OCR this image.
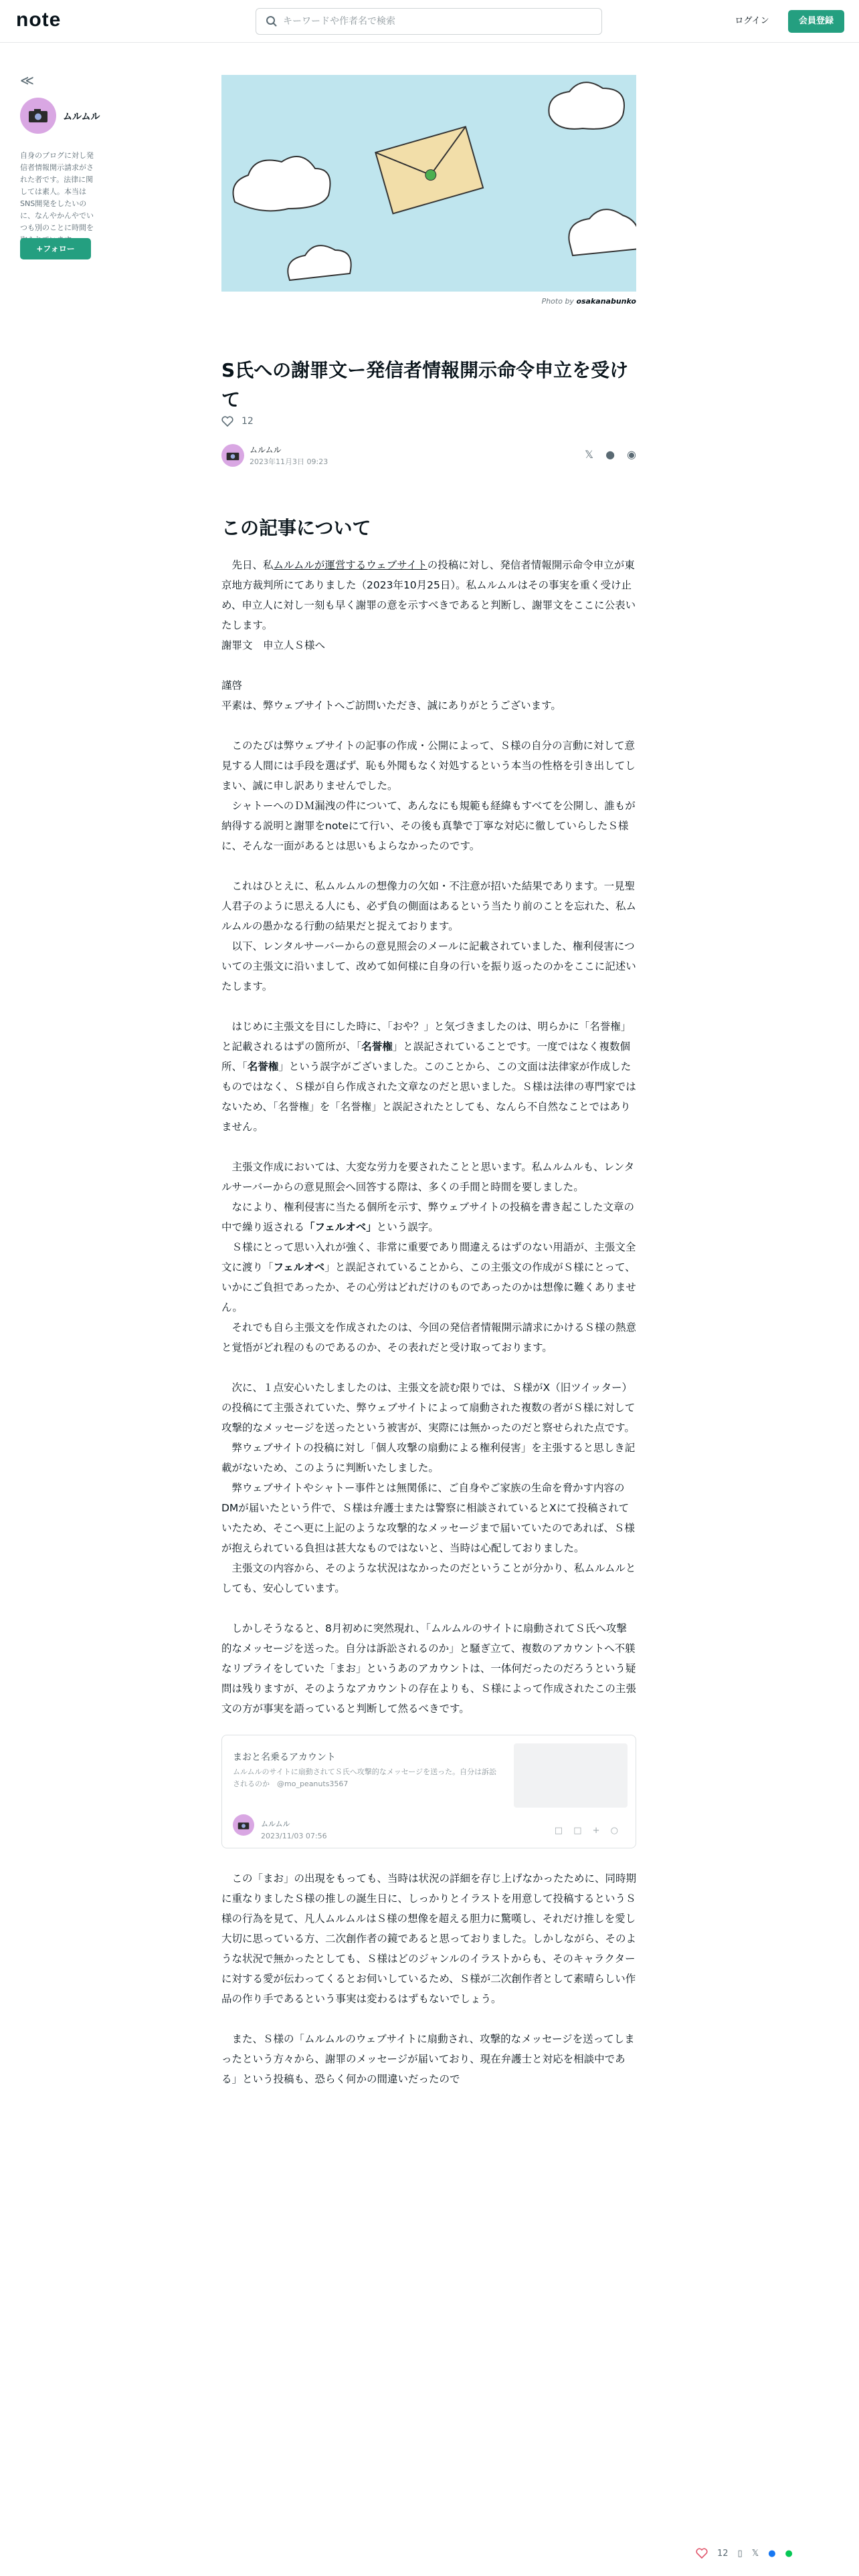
note
キーワードや作者名で検索	ログイン	会員登録
≪
ムルムル
自身のブログに対し発信者情報開示請求がされた者です。法律に関しては素人。本当はSNS開発をしたいのに、なんやかんやでいつも別のことに時間を
+フォロー
Photo by osakanabunko
S氏への謝罪文ー発信者情報開示命令申立を受けて
12
ムルムル
2023年11月3日 09:23
𝕏 ● ◉
この記事について

　先日、私ムルムルが運営するウェブサイトの投稿に対し、発信者情報開示命令申立が東京地方裁判所にてありました（2023年10月25日）。私ムルムルはその事実を重く受け止め、申立人に対し一刻も早く謝罪の意を示すべきであると判断し、謝罪文をここに公表いたします。

謝罪文　申立人Ｓ様へ

謹啓

平素は、弊ウェブサイトへご訪問いただき、誠にありがとうございます。

　このたびは弊ウェブサイトの記事の作成・公開によって、Ｓ様の自分の言動に対して意見する人間には手段を選ばず、恥も外聞もなく対処するという本当の性格を引き出してしまい、誠に申し訳ありませんでした。

　シャトーへのＤＭ漏洩の件について、あんなにも規範も経緯もすべてを公開し、誰もが納得する説明と謝罪をnoteにて行い、その後も真摯で丁寧な対応に徹していらしたＳ様に、そんな一面があるとは思いもよらなかったのです。

　これはひとえに、私ムルムルの想像力の欠如・不注意が招いた結果であります。一見聖人君子のように思える人にも、必ず負の側面はあるという当たり前のことを忘れた、私ムルムルの愚かなる行動の結果だと捉えております。

　以下、レンタルサーバーからの意見照会のメールに記載されていました、権利侵害についての主張文に沿いまして、改めて如何様に自身の行いを振り返ったのかをここに記述いたします。

　はじめに主張文を目にした時に、「おや？」と気づきましたのは、明らかに「名誉権」と記載されるはずの箇所が、「名誉権」と誤記されていることです。一度ではなく複数個所、「名誉権」という誤字がございました。このことから、この文面は法律家が作成したものではなく、Ｓ様が自ら作成された文章なのだと思いました。Ｓ様は法律の専門家ではないため、「名誉権」を「名誉権」と誤記されたとしても、なんら不自然なことではありません。

　主張文作成においては、大変な労力を要されたことと思います。私ムルムルも、レンタルサーバーからの意見照会へ回答する際は、多くの手間と時間を要しました。

　なにより、権利侵害に当たる個所を示す、弊ウェブサイトの投稿を書き起こした文章の中で繰り返される「フェルオベ」という誤字。

　Ｓ様にとって思い入れが強く、非常に重要であり間違えるはずのない用語が、主張文全文に渡り「フェルオベ」と誤記されていることから、この主張文の作成がＳ様にとって、いかにご負担であったか、その心労はどれだけのものであったのかは想像に難くありません。

　それでも自ら主張文を作成されたのは、今回の発信者情報開示請求にかけるＳ様の熱意と覚悟がどれ程のものであるのか、その表れだと受け取っております。

　次に、１点安心いたしましたのは、主張文を読む限りでは、Ｓ様がX（旧ツイッター）の投稿にて主張されていた、弊ウェブサイトによって扇動された複数の者がＳ様に対して攻撃的なメッセージを送ったという被害が、実際には無かったのだと察せられた点です。

　弊ウェブサイトの投稿に対し「個人攻撃の扇動による権利侵害」を主張すると思しき記載がないため、このように判断いたしました。

　弊ウェブサイトやシャトー事件とは無関係に、ご自身やご家族の生命を脅かす内容のDMが届いたという件で、Ｓ様は弁護士または警察に相談されているとXにて投稿されていたため、そこへ更に上記のような攻撃的なメッセージまで届いていたのであれば、Ｓ様が抱えられている負担は甚大なものではないと、当時は心配しておりました。

　主張文の内容から、そのような状況はなかったのだということが分かり、私ムルムルとしても、安心しています。

　しかしそうなると、8月初めに突然現れ、「ムルムルのサイトに扇動されてＳ氏へ攻撃的なメッセージを送った。自分は訴訟されるのか」と騒ぎ立て、複数のアカウントへ不躾なリプライをしていた「まお」というあのアカウントは、一体何だったのだろうという疑問は残りますが、そのようなアカウントの存在よりも、Ｓ様によって作成されたこの主張文の方が事実を語っていると判断して然るべきです。

まおと名乗るアカウント
ムルムルのサイトに扇動されてＳ氏へ攻撃的なメッセージを送った。自分は訴訟されるのか　@mo_peanuts3567
ムルムル
2023/11/03 07:56
□ □ + ○

　この「まお」の出現をもっても、当時は状況の詳細を存じ上げなかったために、同時期に重なりましたＳ様の推しの誕生日に、しっかりとイラストを用意して投稿するというＳ様の行為を見て、凡人ムルムルはＳ様の想像を超える胆力に驚嘆し、それだけ推しを愛し大切に思っている方、二次創作者の鏡であると思っておりました。しかしながら、そのような状況で無かったとしても、Ｓ様はどのジャンルのイラストからも、そのキャラクターに対する愛が伝わってくるとお伺いしているため、Ｓ様が二次創作者として素晴らしい作品の作り手であるという事実は変わるはずもないでしょう。

　また、Ｓ様の「ムルムルのウェブサイトに扇動され、攻撃的なメッセージを送ってしまったという方々から、謝罪のメッセージが届いており、現在弁護士と対応を相談中である」という投稿も、恐らく何かの間違いだったので

12 ▯ 𝕏 ● ●
